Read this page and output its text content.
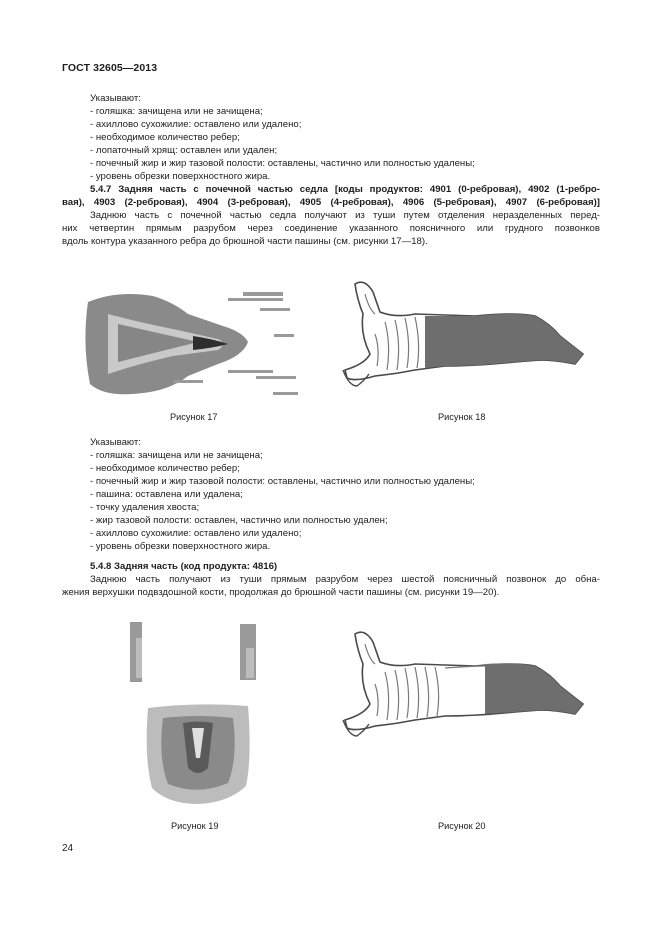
ГОСТ 32605—2013
Указывают:
- голяшка: зачищена или не зачищена;
- ахиллово сухожилие: оставлено или удалено;
- необходимое количество ребер;
- лопаточный хрящ: оставлен или удален;
- почечный жир и жир тазовой полости: оставлены, частично или полностью удалены;
- уровень обрезки поверхностного жира.
5.4.7 Задняя часть с почечной частью седла [коды продуктов: 4901 (0-ребровая), 4902 (1-ребро-
вая), 4903 (2-ребровая), 4904 (3-ребровая), 4905 (4-ребровая), 4906 (5-ребровая), 4907 (6-ребровая)]
Заднюю часть с почечной частью седла получают из туши путем отделения неразделенных перед-
них четвертин прямым разрубом через соединение указанного поясничного или грудного позвонков
вдоль контура указанного ребра до брюшной части пашины (см. рисунки 17—18).
Рисунок 17	Рисунок 18
Указывают:
- голяшка: зачищена или не зачищена;
- необходимое количество ребер;
- почечный жир и жир тазовой полости: оставлены, частично или полностью удалены;
- пашина: оставлена или удалена;
- точку удаления хвоста;
- жир тазовой полости: оставлен, частично или полностью удален;
- ахиллово сухожилие: оставлено или удалено;
- уровень обрезки поверхностного жира.
5.4.8 Задняя часть (код продукта: 4816)
Заднюю часть получают из туши прямым разрубом через шестой поясничный позвонок до обна-
жения верхушки подвздошной кости, продолжая до брюшной части пашины (см. рисунки 19—20).
Рисунок 19	Рисунок 20
24
